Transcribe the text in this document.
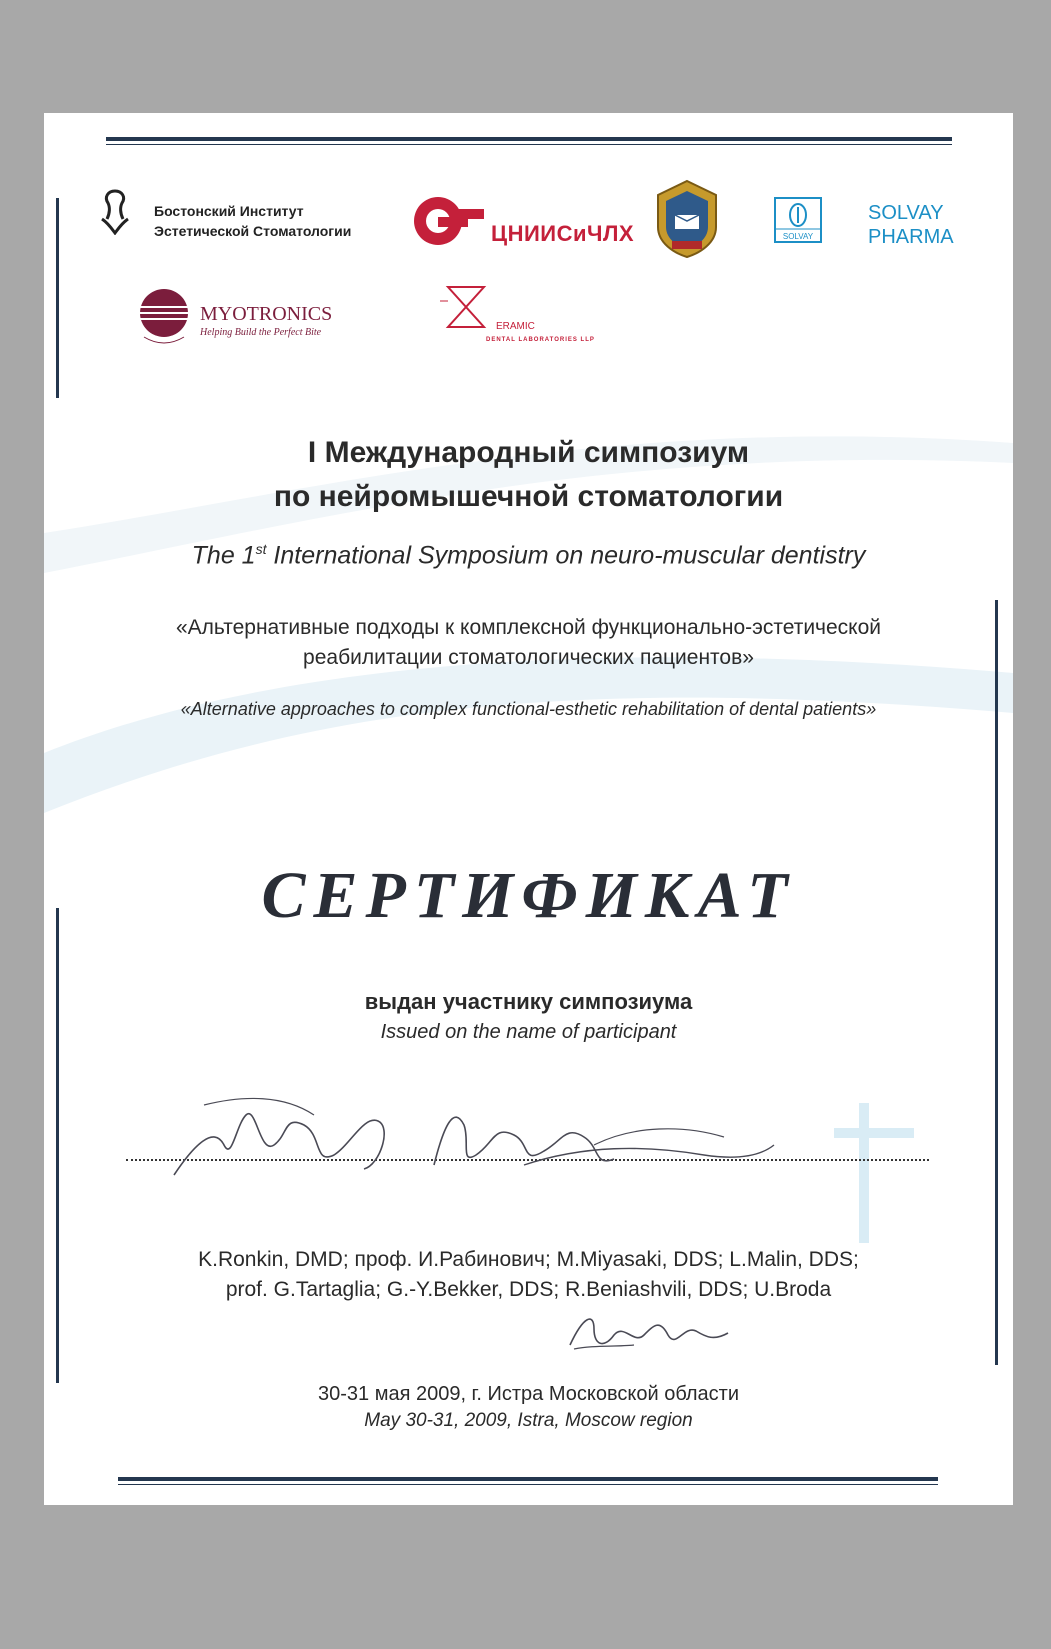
Бостонский Институт
Эстетической Стоматологии	ЦНИИСиЧЛХ	SOLVAY
SOLVAY
PHARMA
MYOTRONICS
Helping Build the Perfect Bite
ERAMIC
DENTAL LABORATORIES LLP
I Международный симпозиум
по нейромышечной стоматологии
The 1st International Symposium on neuro-muscular dentistry
«Альтернативные подходы к комплексной функционально-эстетической
реабилитации стоматологических пациентов»
«Alternative approaches to complex functional-esthetic rehabilitation of dental patients»
СЕРТИФИКАТ
выдан участнику симпозиума
Issued on the name of participant
K.Ronkin, DMD; проф. И.Рабинович; M.Miyasaki, DDS; L.Malin, DDS;
prof. G.Tartaglia; G.-Y.Bekker, DDS; R.Beniashvili, DDS; U.Broda
30-31 мая 2009, г. Истра Московской области
May 30-31, 2009, Istra, Moscow region
